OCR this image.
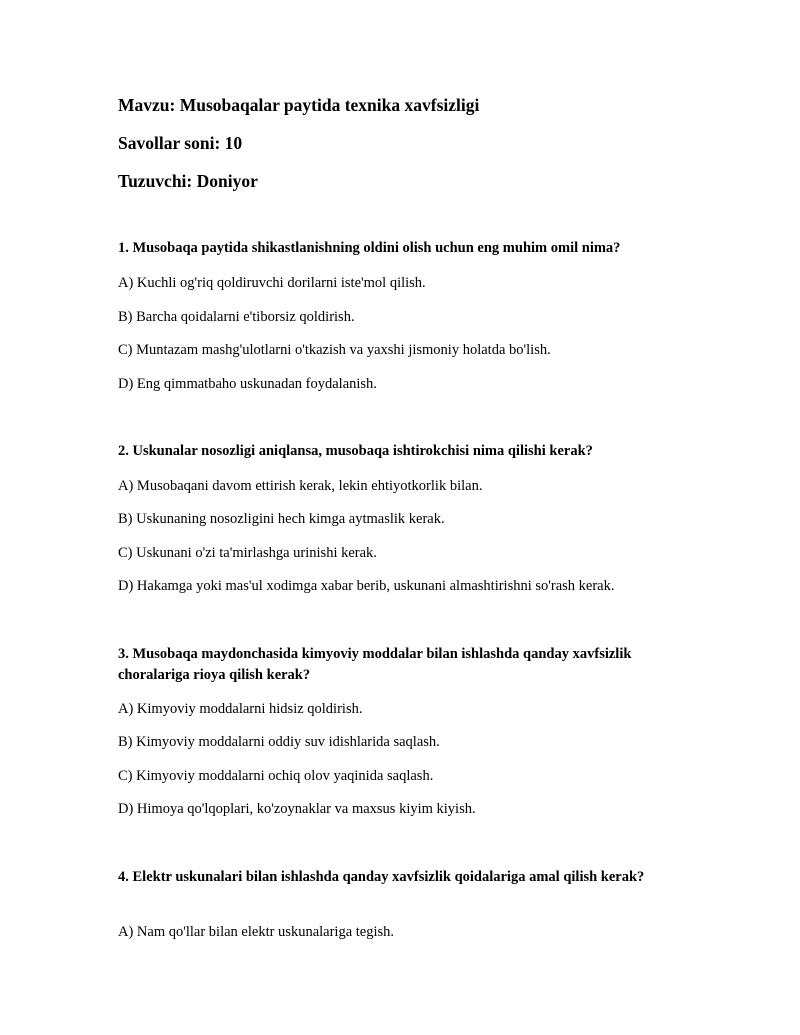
Mavzu: Musobaqalar paytida texnika xavfsizligi

Savollar soni: 10

Tuzuvchi: Doniyor

1. Musobaqa paytida shikastlanishning oldini olish uchun eng muhim omil nima?

A) Kuchli og'riq qoldiruvchi dorilarni iste'mol qilish.

B) Barcha qoidalarni e'tiborsiz qoldirish.

C) Muntazam mashg'ulotlarni o'tkazish va yaxshi jismoniy holatda bo'lish.

D) Eng qimmatbaho uskunadan foydalanish.

2. Uskunalar nosozligi aniqlansa, musobaqa ishtirokchisi nima qilishi kerak?

A) Musobaqani davom ettirish kerak, lekin ehtiyotkorlik bilan.

B) Uskunaning nosozligini hech kimga aytmaslik kerak.

C) Uskunani o'zi ta'mirlashga urinishi kerak.

D) Hakamga yoki mas'ul xodimga xabar berib, uskunani almashtirishni so'rash kerak.

3. Musobaqa maydonchasida kimyoviy moddalar bilan ishlashda qanday xavfsizlik choralariga rioya qilish kerak?

A) Kimyoviy moddalarni hidsiz qoldirish.

B) Kimyoviy moddalarni oddiy suv idishlarida saqlash.

C) Kimyoviy moddalarni ochiq olov yaqinida saqlash.

D) Himoya qo'lqoplari, ko'zoynaklar va maxsus kiyim kiyish.

4. Elektr uskunalari bilan ishlashda qanday xavfsizlik qoidalariga amal qilish kerak?

A) Nam qo'llar bilan elektr uskunalariga tegish.
